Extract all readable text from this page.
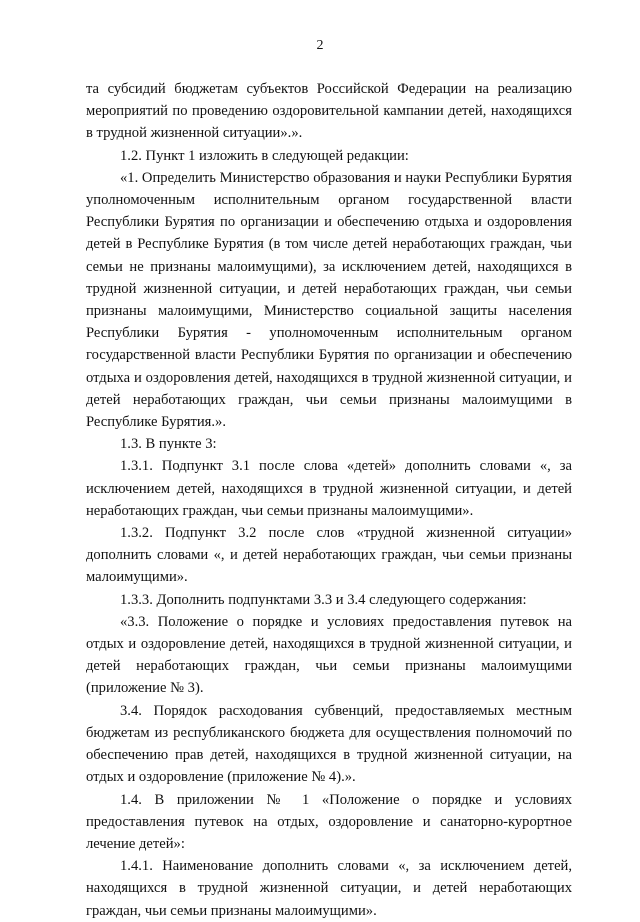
2

та субсидий бюджетам субъектов Российской Федерации на реализацию мероприятий по проведению оздоровительной кампании детей, находящихся в трудной жизненной ситуации».».

1.2. Пункт 1 изложить в следующей редакции:

«1. Определить Министерство образования и науки Республики Бурятия уполномоченным исполнительным органом государственной власти Республики Бурятия по организации и обеспечению отдыха и оздоровления детей в Республике Бурятия (в том числе детей неработающих граждан, чьи семьи не признаны малоимущими), за исключением детей, находящихся в трудной жизненной ситуации, и детей неработающих граждан, чьи семьи признаны малоимущими, Министерство социальной защиты населения Республики Бурятия - уполномоченным исполнительным органом государственной власти Республики Бурятия по организации и обеспечению отдыха и оздоровления детей, находящихся в трудной жизненной ситуации, и детей неработающих граждан, чьи семьи признаны малоимущими в Республике Бурятия.».

1.3. В пункте 3:

1.3.1. Подпункт 3.1 после слова «детей» дополнить словами «, за исключением детей, находящихся в трудной жизненной ситуации, и детей неработающих граждан, чьи семьи признаны малоимущими».

1.3.2. Подпункт 3.2 после слов «трудной жизненной ситуации» дополнить словами «, и детей неработающих граждан, чьи семьи признаны малоимущими».

1.3.3. Дополнить подпунктами 3.3 и 3.4 следующего содержания:

«3.3. Положение о порядке и условиях предоставления путевок на отдых и оздоровление детей, находящихся в трудной жизненной ситуации, и детей неработающих граждан, чьи семьи признаны малоимущими (приложение № 3).

3.4. Порядок расходования субвенций, предоставляемых местным бюджетам из республиканского бюджета для осуществления полномочий по обеспечению прав детей, находящихся в трудной жизненной ситуации, на отдых и оздоровление (приложение № 4).».

1.4. В приложении № 1 «Положение о порядке и условиях предоставления путевок на отдых, оздоровление и санаторно-курортное лечение детей»:

1.4.1. Наименование дополнить словами «, за исключением детей, находящихся в трудной жизненной ситуации, и детей неработающих граждан, чьи семьи признаны малоимущими».
